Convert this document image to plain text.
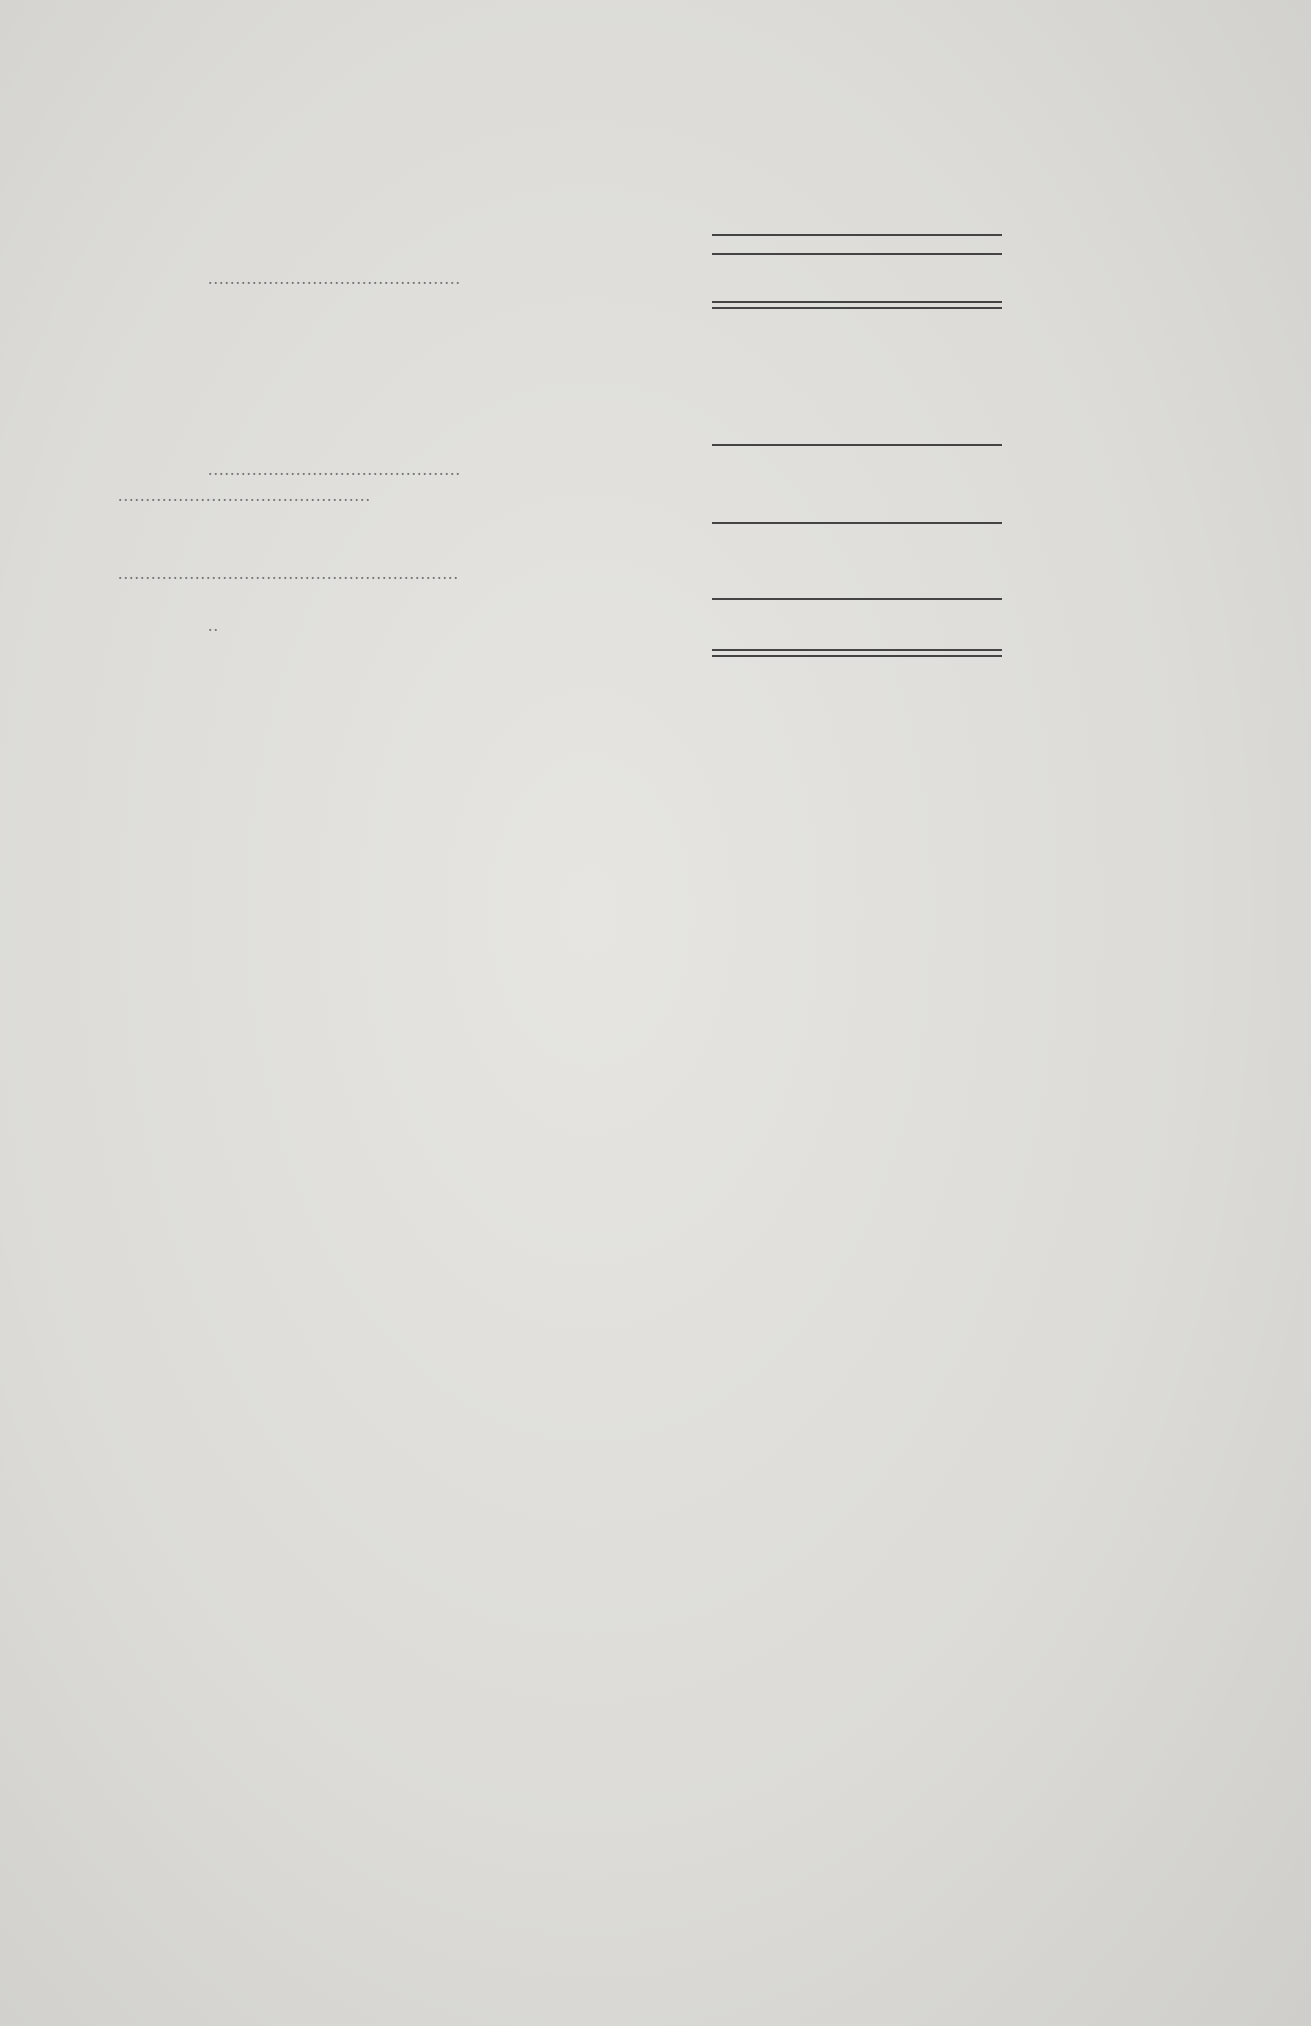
..............................................
..............................................
..............................................
..............................................................
..
